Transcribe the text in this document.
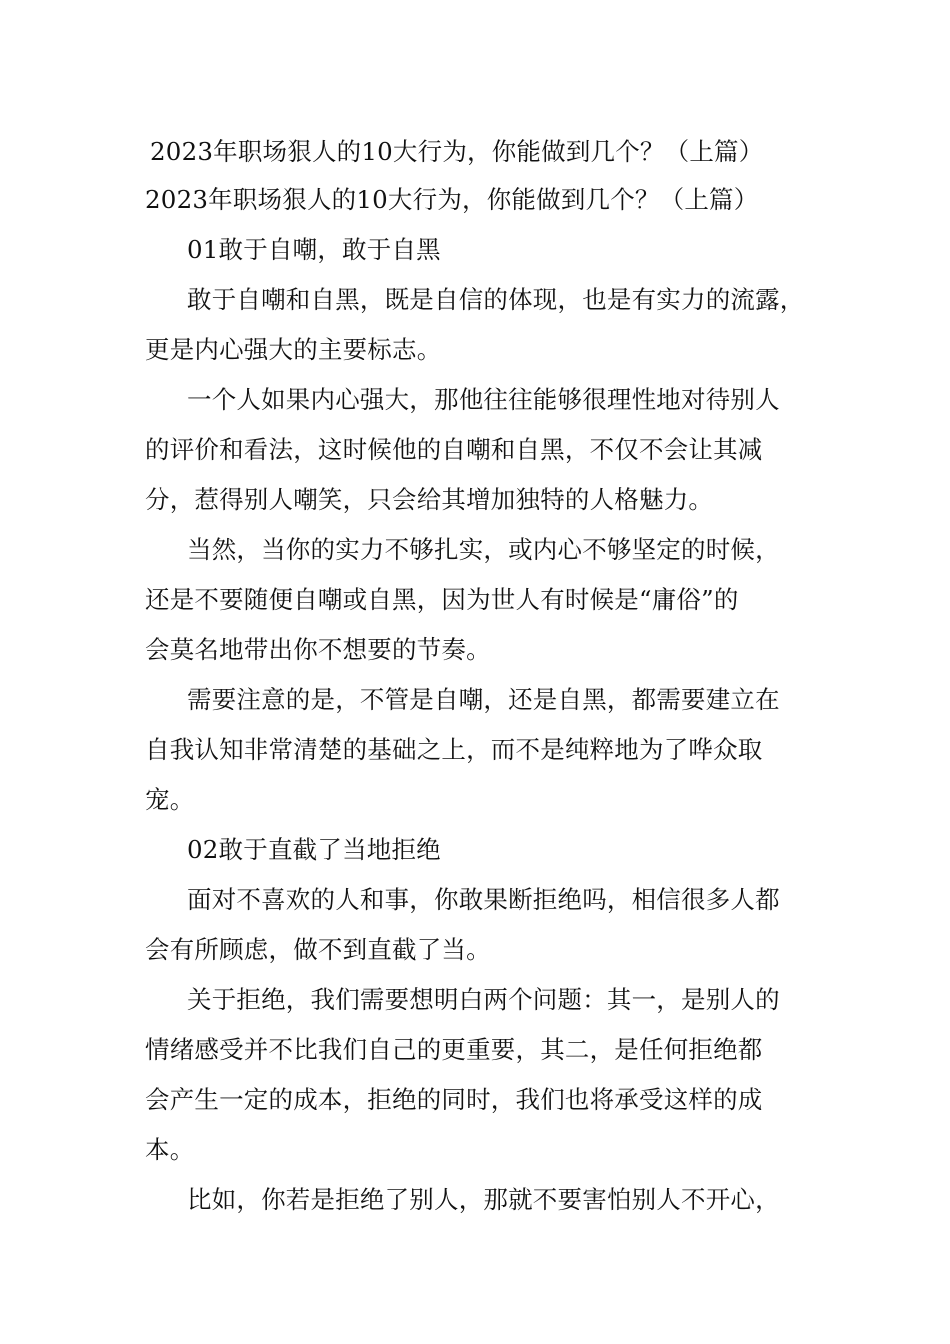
2023年职场狠人的10大行为，你能做到几个？（上篇）
2023年职场狠人的10大行为，你能做到几个？（上篇）
01敢于自嘲，敢于自黑
敢于自嘲和自黑，既是自信的体现，也是有实力的流露，
更是内心强大的主要标志。
一个人如果内心强大，那他往往能够很理性地对待别人
的评价和看法，这时候他的自嘲和自黑，不仅不会让其减
分，惹得别人嘲笑，只会给其增加独特的人格魅力。
当然，当你的实力不够扎实，或内心不够坚定的时候，
还是不要随便自嘲或自黑，因为世人有时候是“庸俗”的
会莫名地带出你不想要的节奏。
需要注意的是，不管是自嘲，还是自黑，都需要建立在
自我认知非常清楚的基础之上，而不是纯粹地为了哗众取
宠。
02敢于直截了当地拒绝
面对不喜欢的人和事，你敢果断拒绝吗，相信很多人都
会有所顾虑，做不到直截了当。
关于拒绝，我们需要想明白两个问题：其一，是别人的
情绪感受并不比我们自己的更重要，其二，是任何拒绝都
会产生一定的成本，拒绝的同时，我们也将承受这样的成
本。
比如，你若是拒绝了别人，那就不要害怕别人不开心，
